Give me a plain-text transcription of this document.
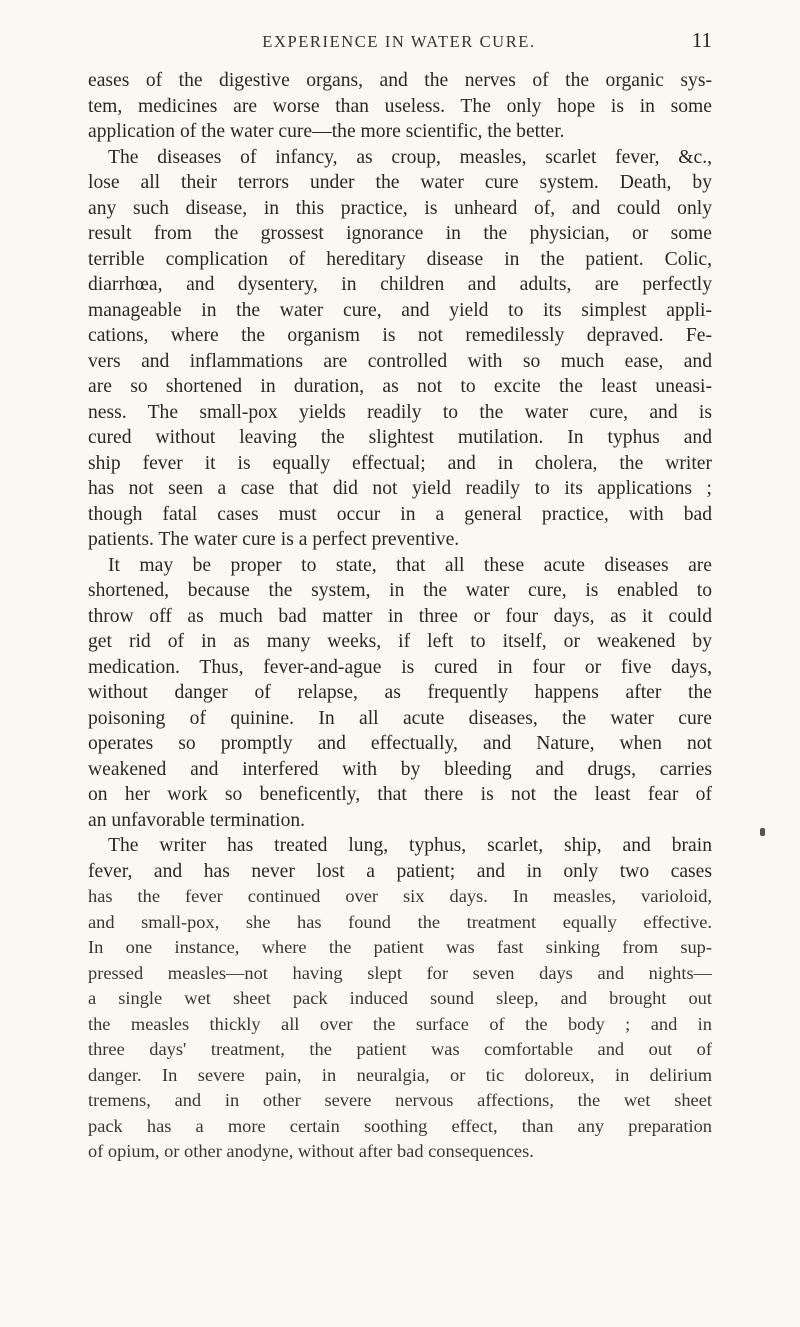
EXPERIENCE IN WATER CURE.	11
eases of the digestive organs, and the nerves of the organic sys-
tem, medicines are worse than useless. The only hope is in some
application of the water cure—the more scientific, the better.
The diseases of infancy, as croup, measles, scarlet fever, &c.,
lose all their terrors under the water cure system. Death, by
any such disease, in this practice, is unheard of, and could only
result from the grossest ignorance in the physician, or some
terrible complication of hereditary disease in the patient. Colic,
diarrhœa, and dysentery, in children and adults, are perfectly
manageable in the water cure, and yield to its simplest appli-
cations, where the organism is not remedilessly depraved. Fe-
vers and inflammations are controlled with so much ease, and
are so shortened in duration, as not to excite the least uneasi-
ness. The small-pox yields readily to the water cure, and is
cured without leaving the slightest mutilation. In typhus and
ship fever it is equally effectual; and in cholera, the writer
has not seen a case that did not yield readily to its applications ;
though fatal cases must occur in a general practice, with bad
patients. The water cure is a perfect preventive.
It may be proper to state, that all these acute diseases are
shortened, because the system, in the water cure, is enabled to
throw off as much bad matter in three or four days, as it could
get rid of in as many weeks, if left to itself, or weakened by
medication. Thus, fever-and-ague is cured in four or five days,
without danger of relapse, as frequently happens after the
poisoning of quinine. In all acute diseases, the water cure
operates so promptly and effectually, and Nature, when not
weakened and interfered with by bleeding and drugs, carries
on her work so beneficently, that there is not the least fear of
an unfavorable termination.
The writer has treated lung, typhus, scarlet, ship, and brain
fever, and has never lost a patient; and in only two cases
has the fever continued over six days. In measles, varioloid,
and small-pox, she has found the treatment equally effective.
In one instance, where the patient was fast sinking from sup-
pressed measles—not having slept for seven days and nights—
a single wet sheet pack induced sound sleep, and brought out
the measles thickly all over the surface of the body ; and in
three days' treatment, the patient was comfortable and out of
danger. In severe pain, in neuralgia, or tic doloreux, in delirium
tremens, and in other severe nervous affections, the wet sheet
pack has a more certain soothing effect, than any preparation
of opium, or other anodyne, without after bad consequences.
